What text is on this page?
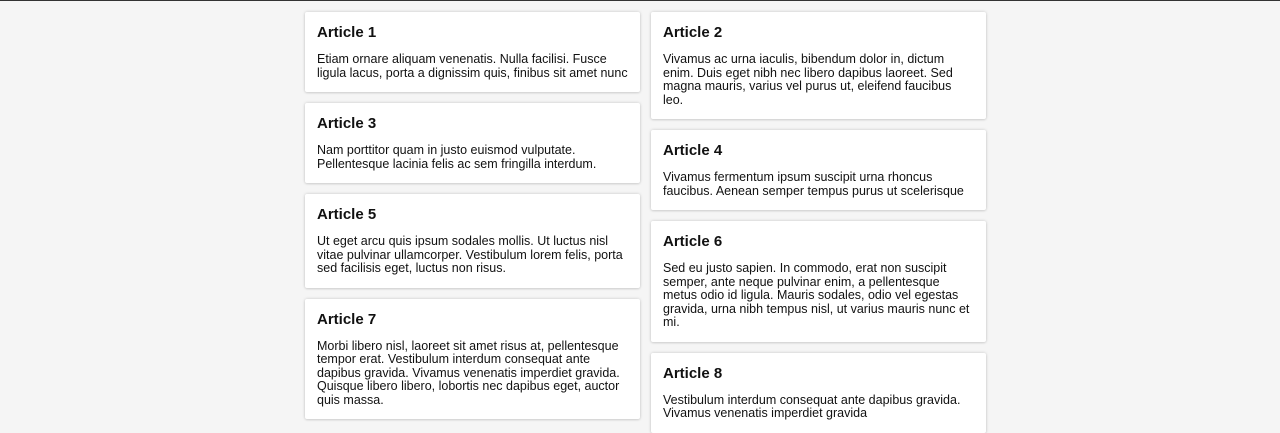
Article 1

Etiam ornare aliquam venenatis. Nulla facilisi. Fusce ligula lacus, porta a dignissim quis, finibus sit amet nunc

Article 3

Nam porttitor quam in justo euismod vulputate. Pellentesque lacinia felis ac sem fringilla interdum.

Article 5

Ut eget arcu quis ipsum sodales mollis. Ut luctus nisl vitae pulvinar ullamcorper. Vestibulum lorem felis, porta sed facilisis eget, luctus non risus.

Article 7

Morbi libero nisl, laoreet sit amet risus at, pellentesque tempor erat. Vestibulum interdum consequat ante dapibus gravida. Vivamus venenatis imperdiet gravida. Quisque libero libero, lobortis nec dapibus eget, auctor quis massa.

Article 2

Vivamus ac urna iaculis, bibendum dolor in, dictum enim. Duis eget nibh nec libero dapibus laoreet. Sed magna mauris, varius vel purus ut, eleifend faucibus leo.

Article 4

Vivamus fermentum ipsum suscipit urna rhoncus faucibus. Aenean semper tempus purus ut scelerisque

Article 6

Sed eu justo sapien. In commodo, erat non suscipit semper, ante neque pulvinar enim, a pellentesque metus odio id ligula. Mauris sodales, odio vel egestas gravida, urna nibh tempus nisl, ut varius mauris nunc et mi.

Article 8

Vestibulum interdum consequat ante dapibus gravida. Vivamus venenatis imperdiet gravida
